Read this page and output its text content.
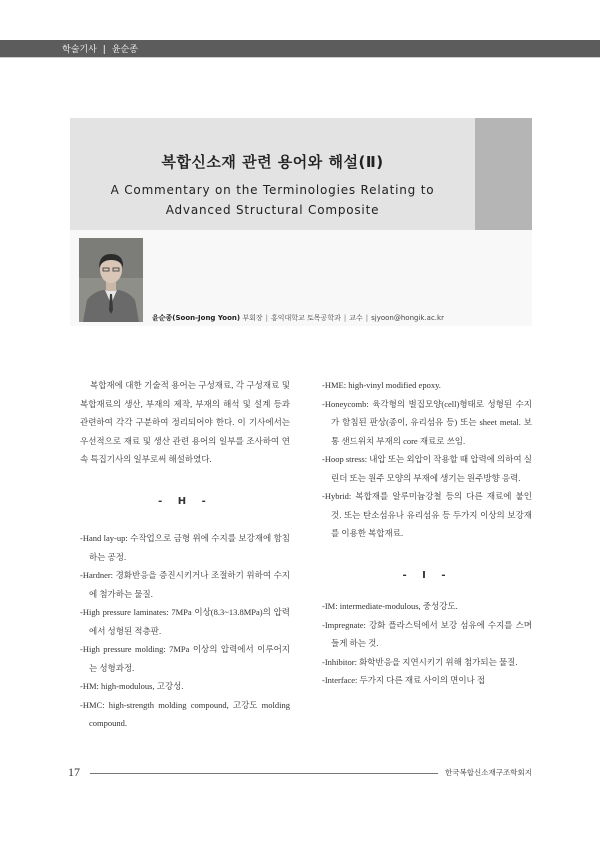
학술기사 | 윤순종
복합신소재 관련 용어와 해설(Ⅱ)
A Commentary on the Terminologies Relating to
Advanced Structural Composite
윤순종(Soon-Jong Yoon) 부회장 | 홍익대학교 토목공학과 | 교수 | sjyoon@hongik.ac.kr

복합재에 대한 기술적 용어는 구성재료, 각 구성재료 및 복합재료의 생산, 부재의 제작, 부재의 해석 및 설계 등과 관련하여 각각 구분하여 정리되어야 한다. 이 기사에서는 우선적으로 재료 및 생산 관련 용어의 일부를 조사하여 연속 특집기사의 일부로써 해설하였다.

- H -

-Hand lay-up: 수작업으로 금형 위에 수지를 보강재에 함침하는 공정.

-Hardner: 경화반응을 증진시키거나 조절하기 위하여 수지에 첨가하는 물질.

-High pressure laminates: 7MPa 이상(8.3~13.8MPa)의 압력에서 성형된 적층판.

-High pressure molding: 7MPa 이상의 압력에서 이루어지는 성형과정.

-HM: high-modulous, 고강성.

-HMC: high-strength molding compound, 고강도 molding compound.

-HME: high-vinyl modified epoxy.

-Honeycomb: 육각형의 벌집모양(cell)형태로 성형된 수지가 함침된 판상(종이, 유리섬유 등) 또는 sheet metal. 보통 샌드위치 부재의 core 재료로 쓰임.

-Hoop stress: 내압 또는 외압이 작용할 때 압력에 의하여 실린더 또는 원주 모양의 부재에 생기는 원주방향 응력.

-Hybrid: 복합재를 알루미늄강철 등의 다른 재료에 붙인 것. 또는 탄소섬유나 유리섬유 등 두가지 이상의 보강재를 이용한 복합재료.

- I -

-IM: intermediate-modulous, 중성강도.

-Impregnate: 강화 플라스틱에서 보강 섬유에 수지를 스며들게 하는 것.

-Inhibitor: 화학반응을 지연시키기 위해 첨가되는 물질.

-Interface: 두가지 다른 재료 사이의 면이나 접

17	한국복합신소재구조학회지
